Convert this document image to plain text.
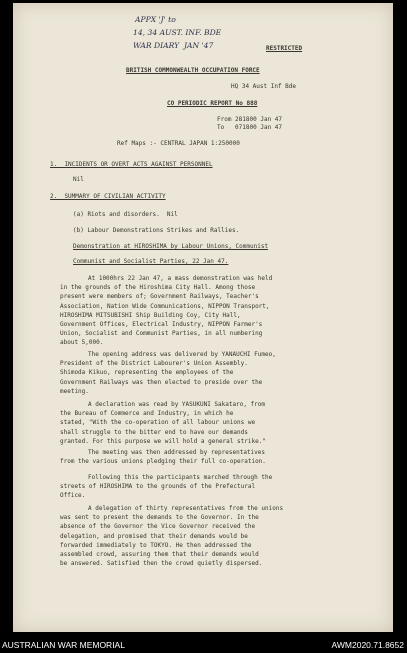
APPX 'J' to
14, 34 AUST. INF. BDE
WAR DIARY  JAN '47	RESTRICTED
BRITISH COMMONWEALTH OCCUPATION FORCE
HQ 34 Aust Inf Bde
CO PERIODIC REPORT No 888
From 281800 Jan 47
To   071800 Jan 47
Ref Maps :- CENTRAL JAPAN 1:250000
1.  INCIDENTS OR OVERT ACTS AGAINST PERSONNEL
Nil
2.  SUMMARY OF CIVILIAN ACTIVITY
(a) Riots and disorders.  Nil
(b) Labour Demonstrations Strikes and Rallies.
Demonstration at HIROSHIMA by Labour Unions, Communist
Communist and Socialist Parties, 22 Jan 47.
At 1000hrs 22 Jan 47, a mass demonstration was held
in the grounds of the Hiroshima City Hall. Among those
present were members of; Government Railways, Teacher's
Association, Nation Wide Communications, NIPPON Transport,
HIROSHIMA MITSUBISHI Ship Building Coy, City Hall,
Government Offices, Electrical Industry, NIPPON Farmer's
Union, Socialist and Communist Parties, in all numbering
about 5,000.
The opening address was delivered by YANAUCHI Fumeo,
President of the District Labourer's Union Assembly.
Shimoda Kikuo, representing the employees of the
Government Railways was then elected to preside over the
meeting.
A declaration was read by YASUKUNI Sakataro, from
the Bureau of Commerce and Industry, in which he
stated, "With the co-operation of all labour unions we
shall struggle to the bitter end to have our demands
granted. For this purpose we will hold a general strike."
The meeting was then addressed by representatives
from the various unions pledging their full co-operation.
Following this the participants marched through the
streets of HIROSHIMA to the grounds of the Prefectural
Office.
A delegation of thirty representatives from the unions
was sent to present the demands to the Governor. In the
absence of the Governor the Vice Governor received the
delegation, and promised that their demands would be
forwarded immediately to TOKYO. He then addressed the
assembled crowd, assuring them that their demands would
be answered. Satisfied then the crowd quietly dispersed.
AUSTRALIAN WAR MEMORIAL	AWM2020.71.8652
